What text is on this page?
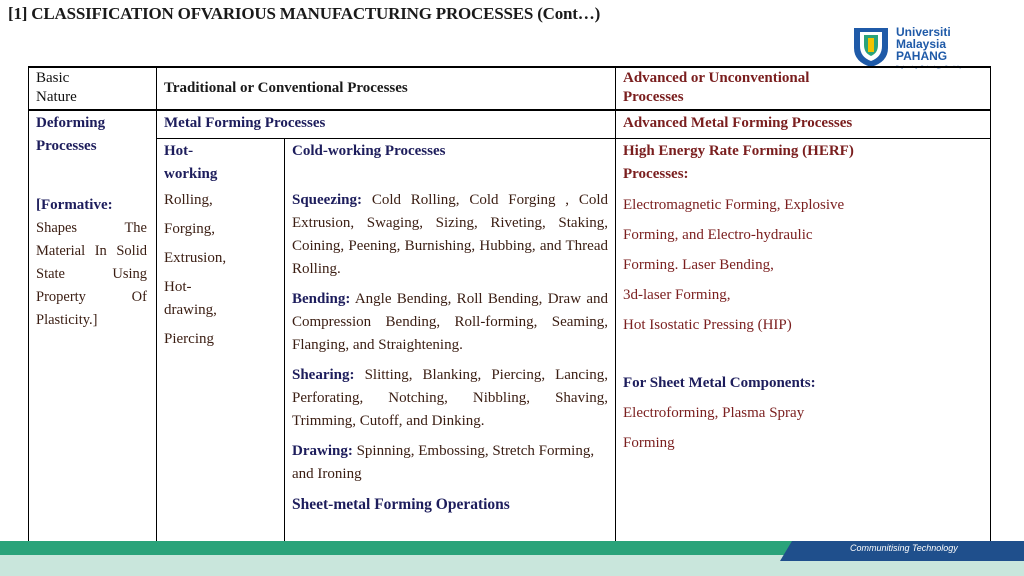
[1] CLASSIFICATION OFVARIOUS MANUFACTURING PROCESSES (Cont…)
Universiti
Malaysia
PAHANG
Basic Nature
Traditional or Conventional Processes
Advanced or Unconventional Processes
Metal Forming Processes	Advanced Metal Forming Processes
Deforming Processes
[Formative:
Shapes The Material In Solid State Using Property Of Plasticity.]
Hot-working
Rolling,
Forging,
Extrusion,
Hot-drawing,
Piercing
Cold-working Processes

Squeezing: Cold Rolling, Cold Forging , Cold Extrusion, Swaging, Sizing, Riveting, Staking, Coining, Peening, Burnishing, Hubbing, and Thread Rolling.

Bending: Angle Bending, Roll Bending, Draw and Compression Bending, Roll-forming, Seaming, Flanging, and Straightening.

Shearing: Slitting, Blanking, Piercing, Lancing, Perforating, Notching, Nibbling, Shaving, Trimming, Cutoff, and Dinking.

Drawing: Spinning, Embossing, Stretch Forming, and Ironing

Sheet-metal Forming Operations

High Energy Rate Forming (HERF) Processes:
Electromagnetic Forming, Explosive
Forming, and Electro-hydraulic
Forming. Laser Bending,
3d-laser Forming,
Hot Isostatic Pressing (HIP)
For Sheet Metal Components:
Electroforming, Plasma Spray
Forming
Communitising Technology
